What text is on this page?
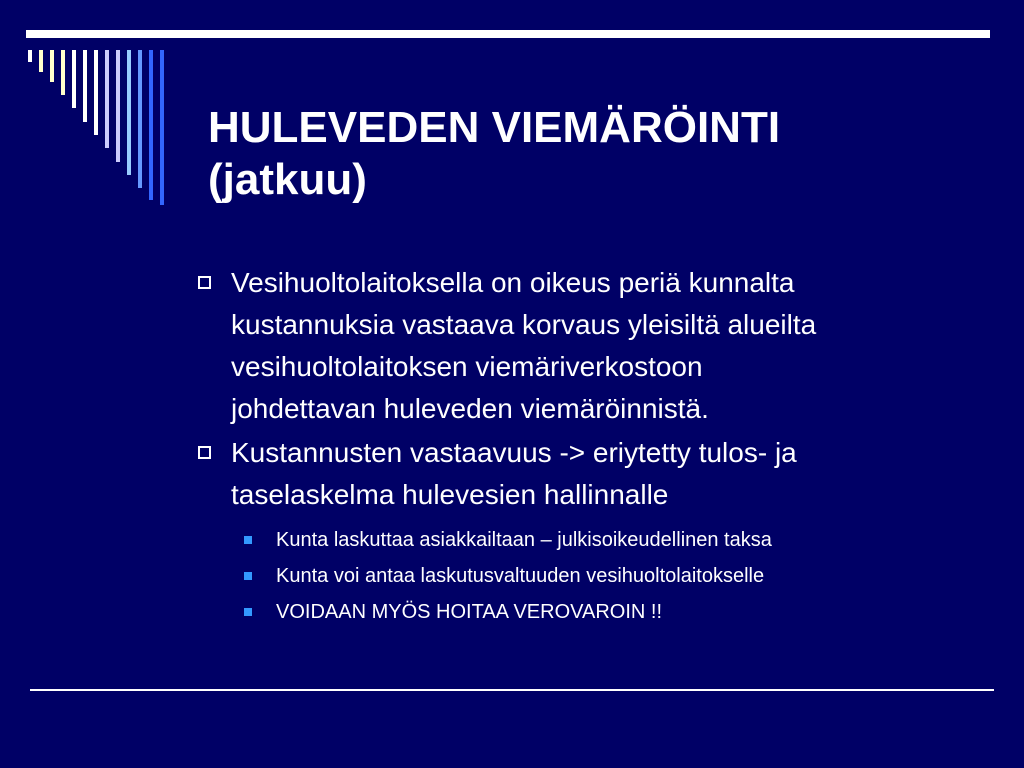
HULEVEDEN VIEMÄRÖINTI
(jatkuu)
Vesihuoltolaitoksella on oikeus periä kunnalta
kustannuksia vastaava korvaus yleisiltä alueilta
vesihuoltolaitoksen viemäriverkostoon
johdettavan huleveden viemäröinnistä.
Kustannusten vastaavuus -> eriytetty tulos- ja
taselaskelma hulevesien hallinnalle
Kunta laskuttaa asiakkailtaan – julkisoikeudellinen taksa
Kunta voi antaa laskutusvaltuuden vesihuoltolaitokselle
VOIDAAN MYÖS HOITAA VEROVAROIN !!
